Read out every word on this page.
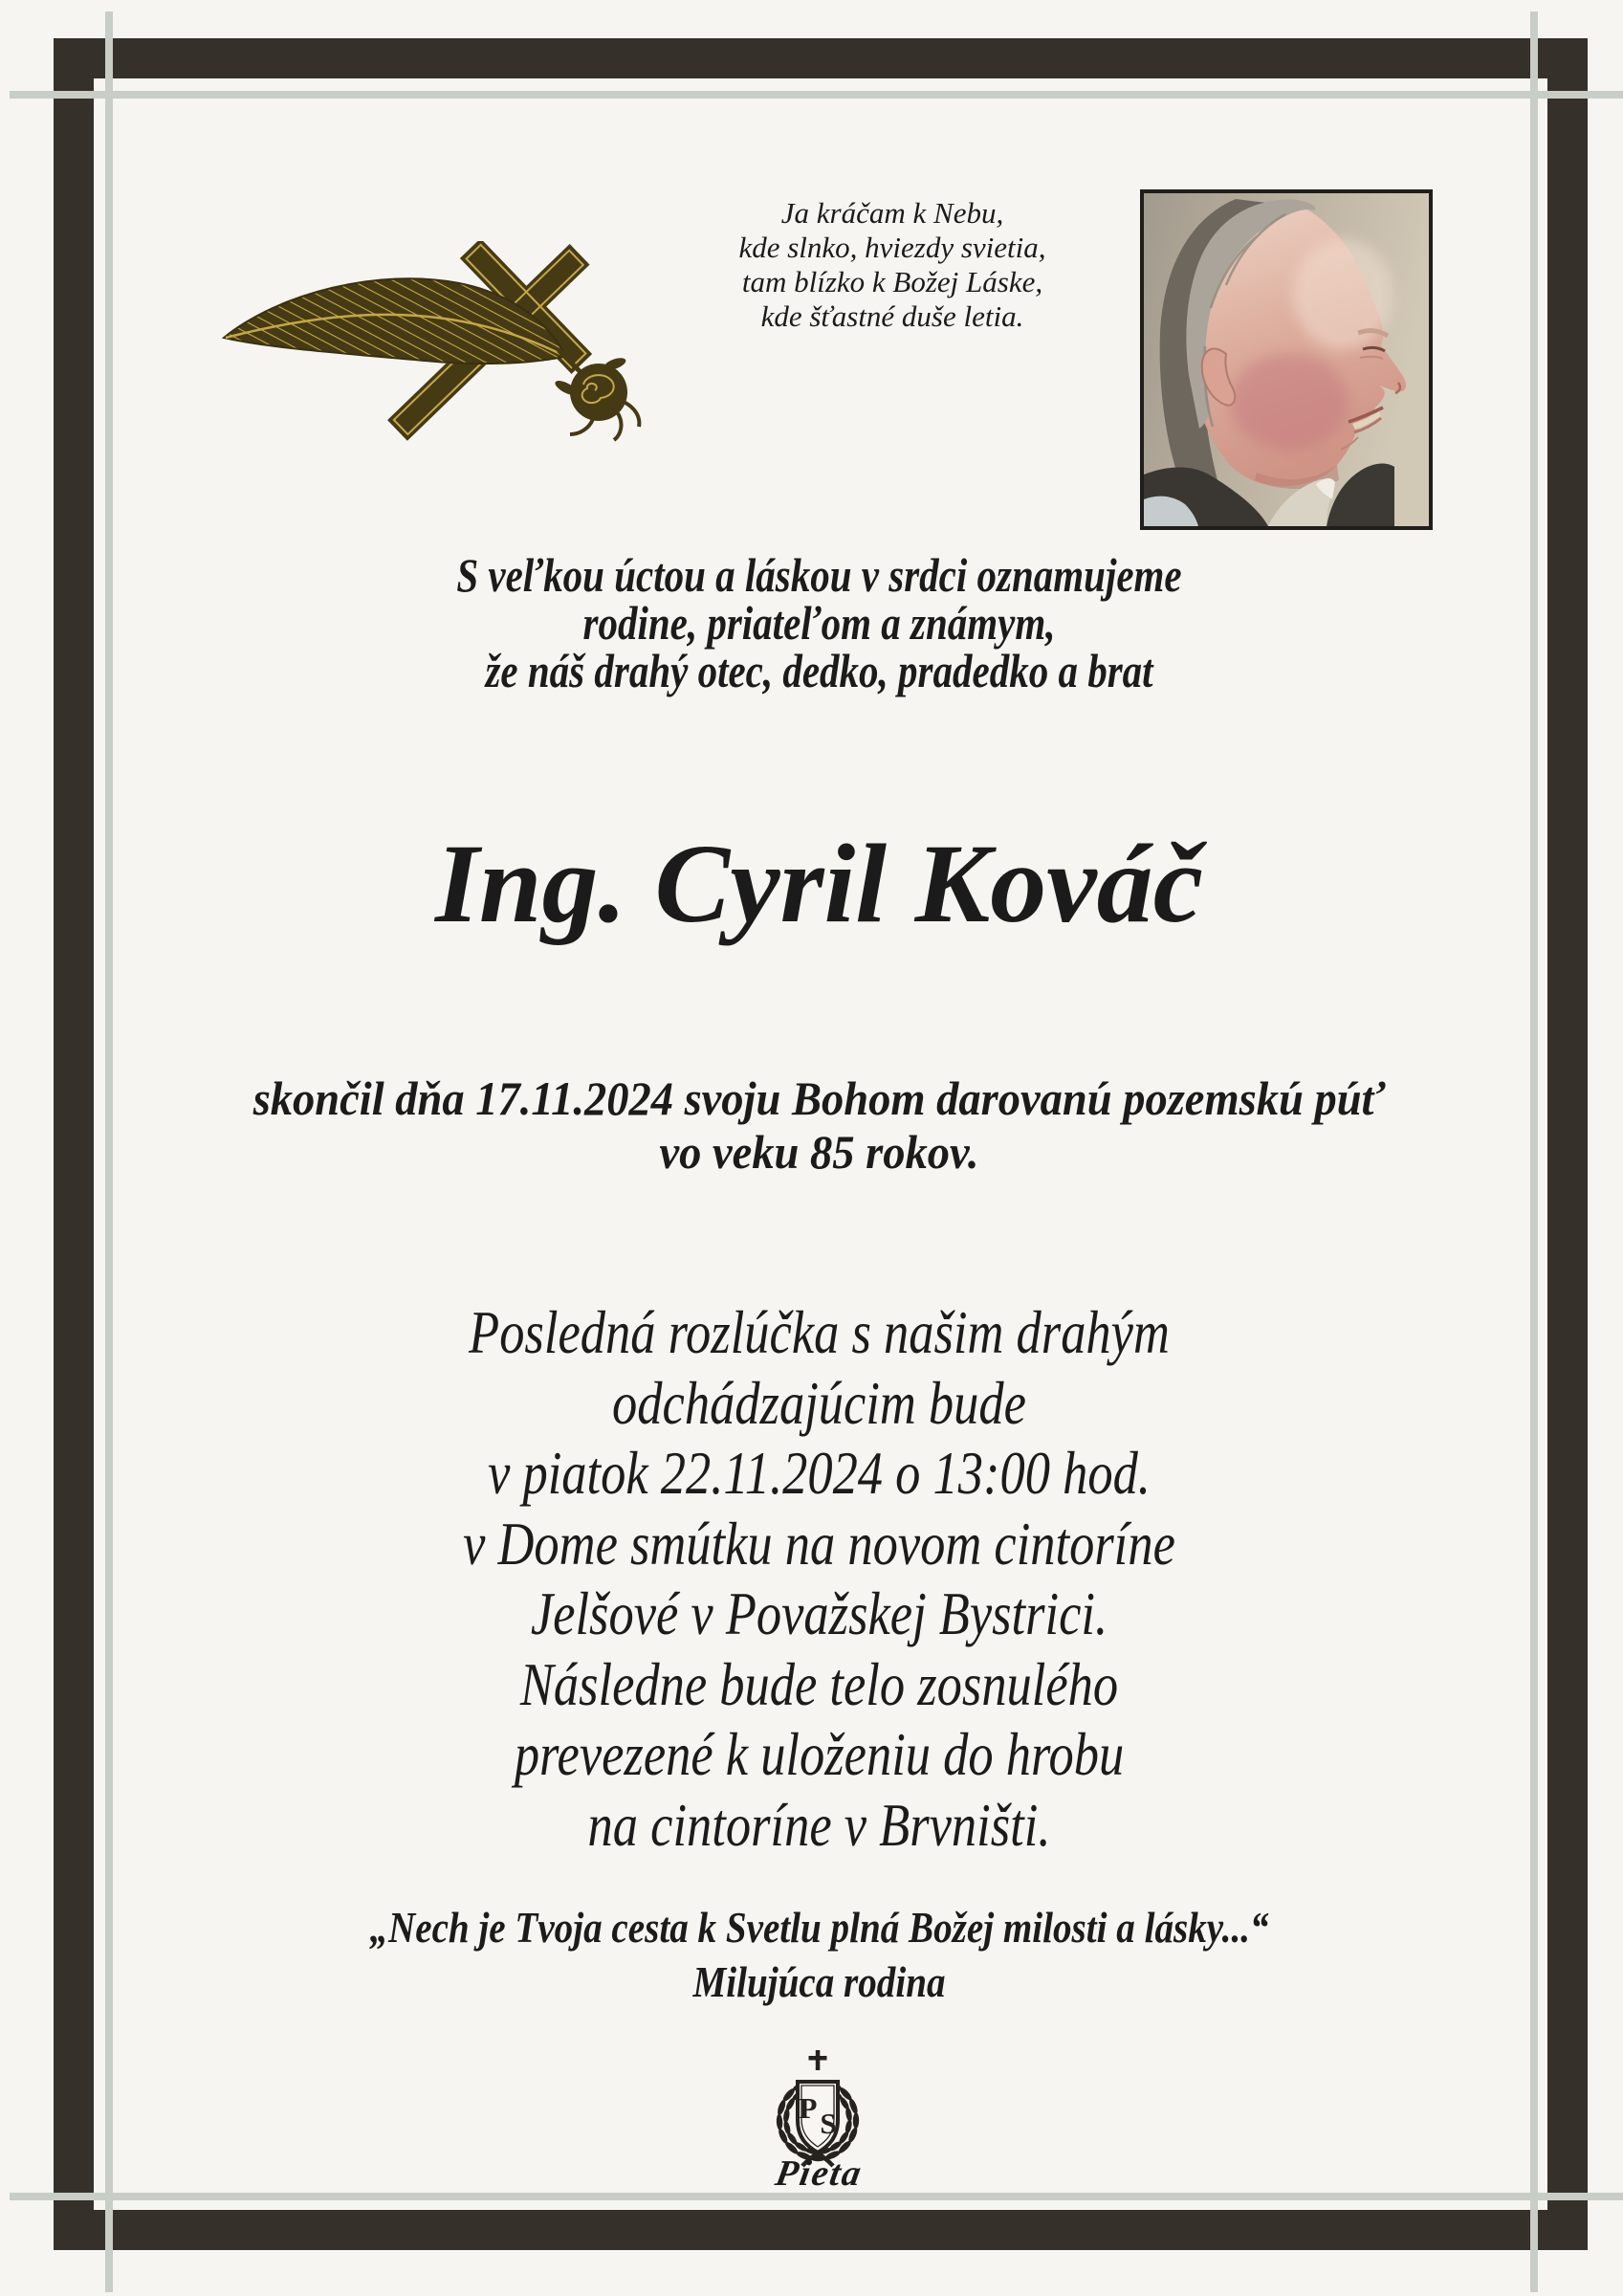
Ja kráčam k Nebu,
kde slnko, hviezdy svietia,
tam blízko k Božej Láske,
kde šťastné duše letia.
S veľkou úctou a láskou v srdci oznamujeme
rodine, priateľom a známym,
že náš drahý otec, dedko, pradedko a brat
Ing. Cyril Kováč
skončil dňa 17.11.2024 svoju Bohom darovanú pozemskú púť
vo veku 85 rokov.
Posledná rozlúčka s našim drahým
odchádzajúcim bude
v piatok 22.11.2024 o 13:00 hod.
v Dome smútku na novom cintoríne
Jelšové v Považskej Bystrici.
Následne bude telo zosnulého
prevezené k uloženiu do hrobu
na cintoríne v Brvništi.
„Nech je Tvoja cesta k Svetlu plná Božej milosti a lásky...“
Milujúca rodina
P S
Pieta
